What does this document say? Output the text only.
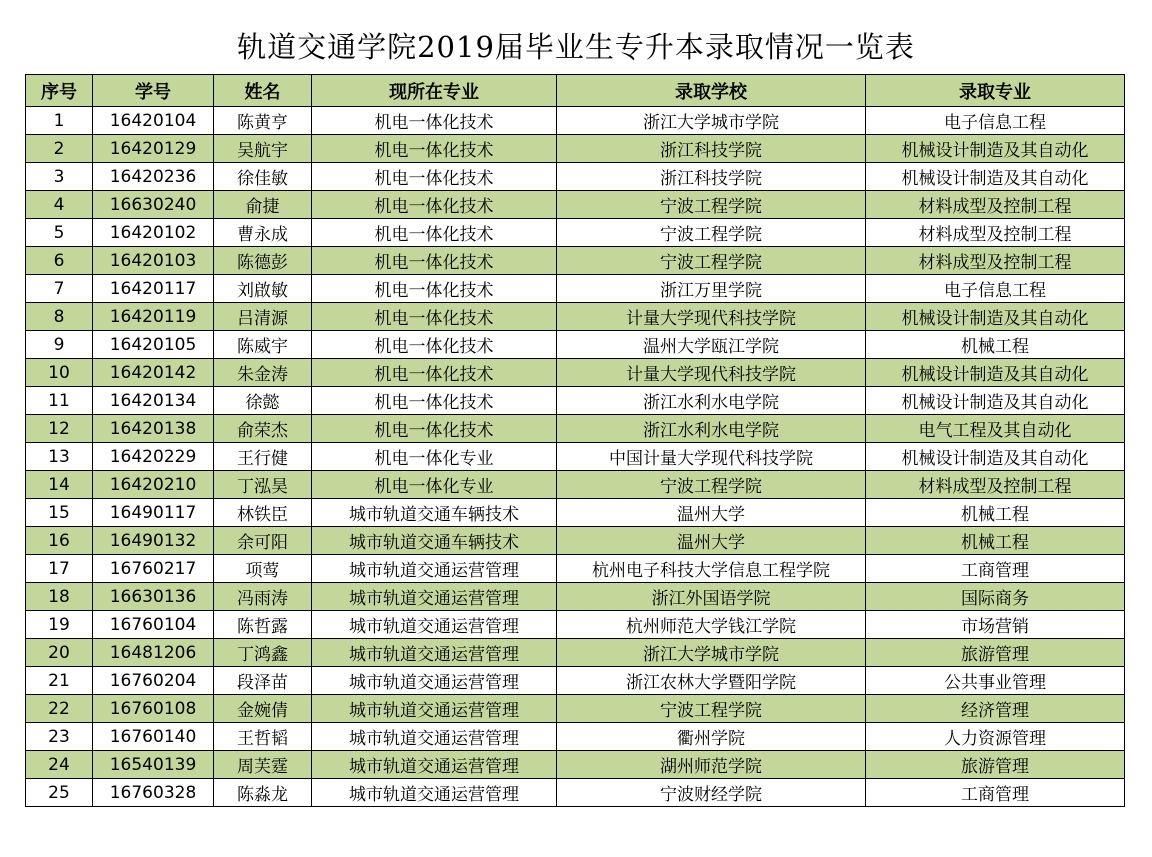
轨道交通学院2019届毕业生专升本录取情况一览表
序号	学号	姓名	现所在专业	录取学校	录取专业
1	16420104	陈黄亨	机电一体化技术	浙江大学城市学院	电子信息工程
2	16420129	吴航宇	机电一体化技术	浙江科技学院	机械设计制造及其自动化
3	16420236	徐佳敏	机电一体化技术	浙江科技学院	机械设计制造及其自动化
4	16630240	俞捷	机电一体化技术	宁波工程学院	材料成型及控制工程
5	16420102	曹永成	机电一体化技术	宁波工程学院	材料成型及控制工程
6	16420103	陈德彭	机电一体化技术	宁波工程学院	材料成型及控制工程
7	16420117	刘啟敏	机电一体化技术	浙江万里学院	电子信息工程
8	16420119	吕清源	机电一体化技术	计量大学现代科技学院	机械设计制造及其自动化
9	16420105	陈威宇	机电一体化技术	温州大学瓯江学院	机械工程
10	16420142	朱金涛	机电一体化技术	计量大学现代科技学院	机械设计制造及其自动化
11	16420134	徐懿	机电一体化技术	浙江水利水电学院	机械设计制造及其自动化
12	16420138	俞荣杰	机电一体化技术	浙江水利水电学院	电气工程及其自动化
13	16420229	王行健	机电一体化专业	中国计量大学现代科技学院	机械设计制造及其自动化
14	16420210	丁泓昊	机电一体化专业	宁波工程学院	材料成型及控制工程
15	16490117	林铁臣	城市轨道交通车辆技术	温州大学	机械工程
16	16490132	余可阳	城市轨道交通车辆技术	温州大学	机械工程
17	16760217	项莺	城市轨道交通运营管理	杭州电子科技大学信息工程学院	工商管理
18	16630136	冯雨涛	城市轨道交通运营管理	浙江外国语学院	国际商务
19	16760104	陈哲露	城市轨道交通运营管理	杭州师范大学钱江学院	市场营销
20	16481206	丁鸿鑫	城市轨道交通运营管理	浙江大学城市学院	旅游管理
21	16760204	段泽苗	城市轨道交通运营管理	浙江农林大学暨阳学院	公共事业管理
22	16760108	金婉倩	城市轨道交通运营管理	宁波工程学院	经济管理
23	16760140	王哲韬	城市轨道交通运营管理	衢州学院	人力资源管理
24	16540139	周芙霆	城市轨道交通运营管理	湖州师范学院	旅游管理
25	16760328	陈淼龙	城市轨道交通运营管理	宁波财经学院	工商管理
